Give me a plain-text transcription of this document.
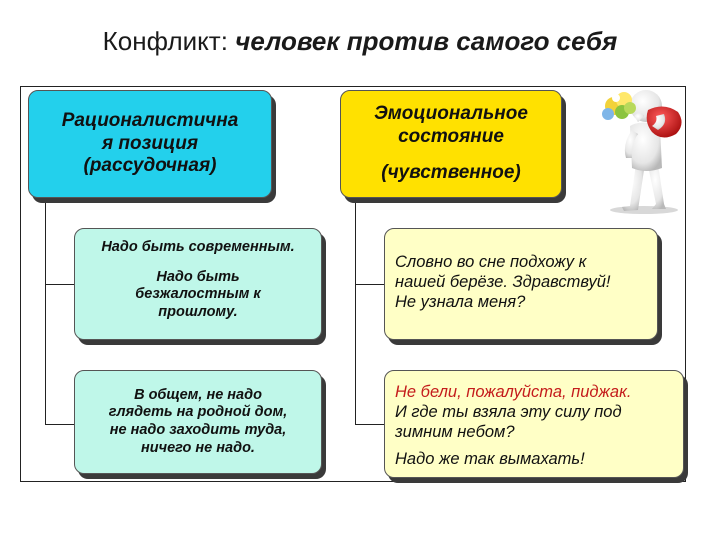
Конфликт: человек против самого себя
Рационалистична
я позиция
(рассудочная)
Эмоциональное
состояние
(чувственное)
Надо быть современным.
Надо быть
безжалостным к
прошлому.
В общем, не надо
глядеть на родной дом,
не надо заходить туда,
ничего не надо.
Словно во сне подхожу к
нашей берёзе. Здравствуй!
Не узнала меня?
Не бели, пожалуйста, пиджак.
И где ты взяла эту силу под
зимним небом?
Надо же так вымахать!
